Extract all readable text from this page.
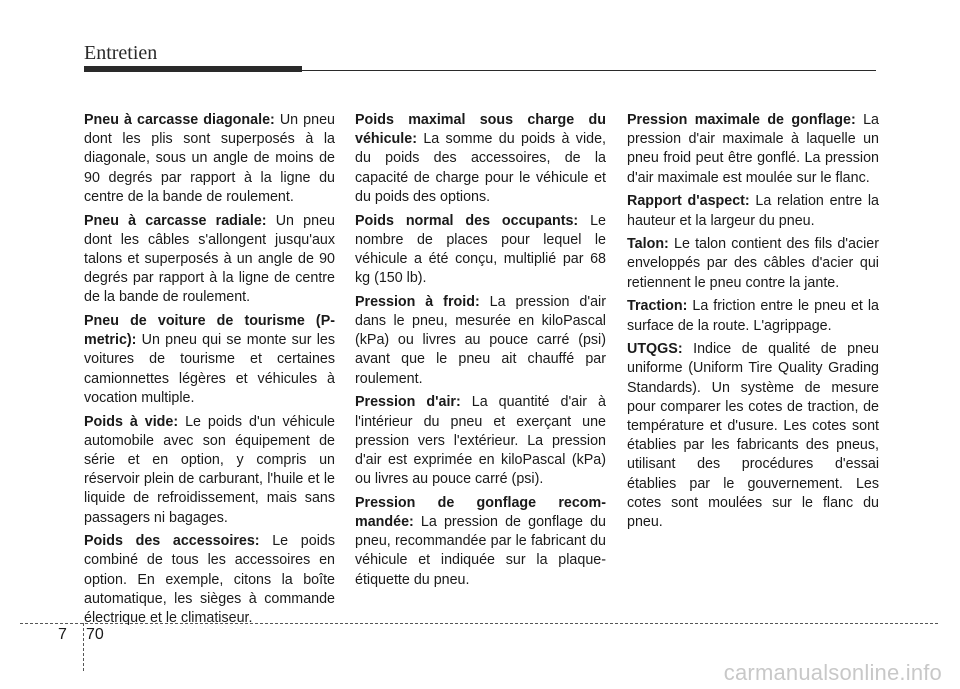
Entretien

Pneu à carcasse diagonale: Un pneu dont les plis sont superposés à la diagonale, sous un angle de moins de 90 degrés par rapport à la ligne du centre de la bande de roulement.

Pneu à carcasse radiale: Un pneu dont les câbles s'allongent jusqu'aux talons et superposés à un angle de 90 degrés par rapport à la ligne de centre de la bande de roulement.

Pneu de voiture de tourisme (P-metric): Un pneu qui se monte sur les voitures de tourisme et certaines camionnettes légères et véhicules à vocation multiple.

Poids à vide: Le poids d'un véhicule automobile avec son équipement de série et en option, y compris un réservoir plein de carburant, l'huile et le liquide de refroidissement, mais sans passagers ni bagages.

Poids des accessoires: Le poids combiné de tous les accessoires en option. En exemple, citons la boîte automatique, les sièges à commande électrique et le climatiseur.

Poids maximal sous charge du véhicule: La somme du poids à vide, du poids des accessoires, de la capacité de charge pour le véhicule et du poids des options.

Poids normal des occupants: Le nombre de places pour lequel le véhicule a été conçu, multiplié par 68 kg (150 lb).

Pression à froid: La pression d'air dans le pneu, mesurée en kiloPascal (kPa) ou livres au pouce carré (psi) avant que le pneu ait chauffé par roulement.

Pression d'air: La quantité d'air à l'intérieur du pneu et exerçant une pression vers l'extérieur. La pression d'air est exprimée en kiloPascal (kPa) ou livres au pouce carré (psi).

Pression de gonflage recom-mandée: La pression de gonflage du pneu, recommandée par le fabricant du véhicule et indiquée sur la plaque-étiquette du pneu.

Pression maximale de gonflage: La pression d'air maximale à laquelle un pneu froid peut être gonflé. La pression d'air maximale est moulée sur le flanc.

Rapport d'aspect: La relation entre la hauteur et la largeur du pneu.

Talon: Le talon contient des fils d'acier enveloppés par des câbles d'acier qui retiennent le pneu contre la jante.

Traction: La friction entre le pneu et la surface de la route. L'agrippage.

UTQGS: Indice de qualité de pneu uniforme (Uniform Tire Quality Grading Standards). Un système de mesure pour comparer les cotes de traction, de température et d'usure. Les cotes sont établies par les fabricants des pneus, utilisant des procédures d'essai établies par le gouvernement. Les cotes sont moulées sur le flanc du pneu.

7 70
carmanualsonline.info
